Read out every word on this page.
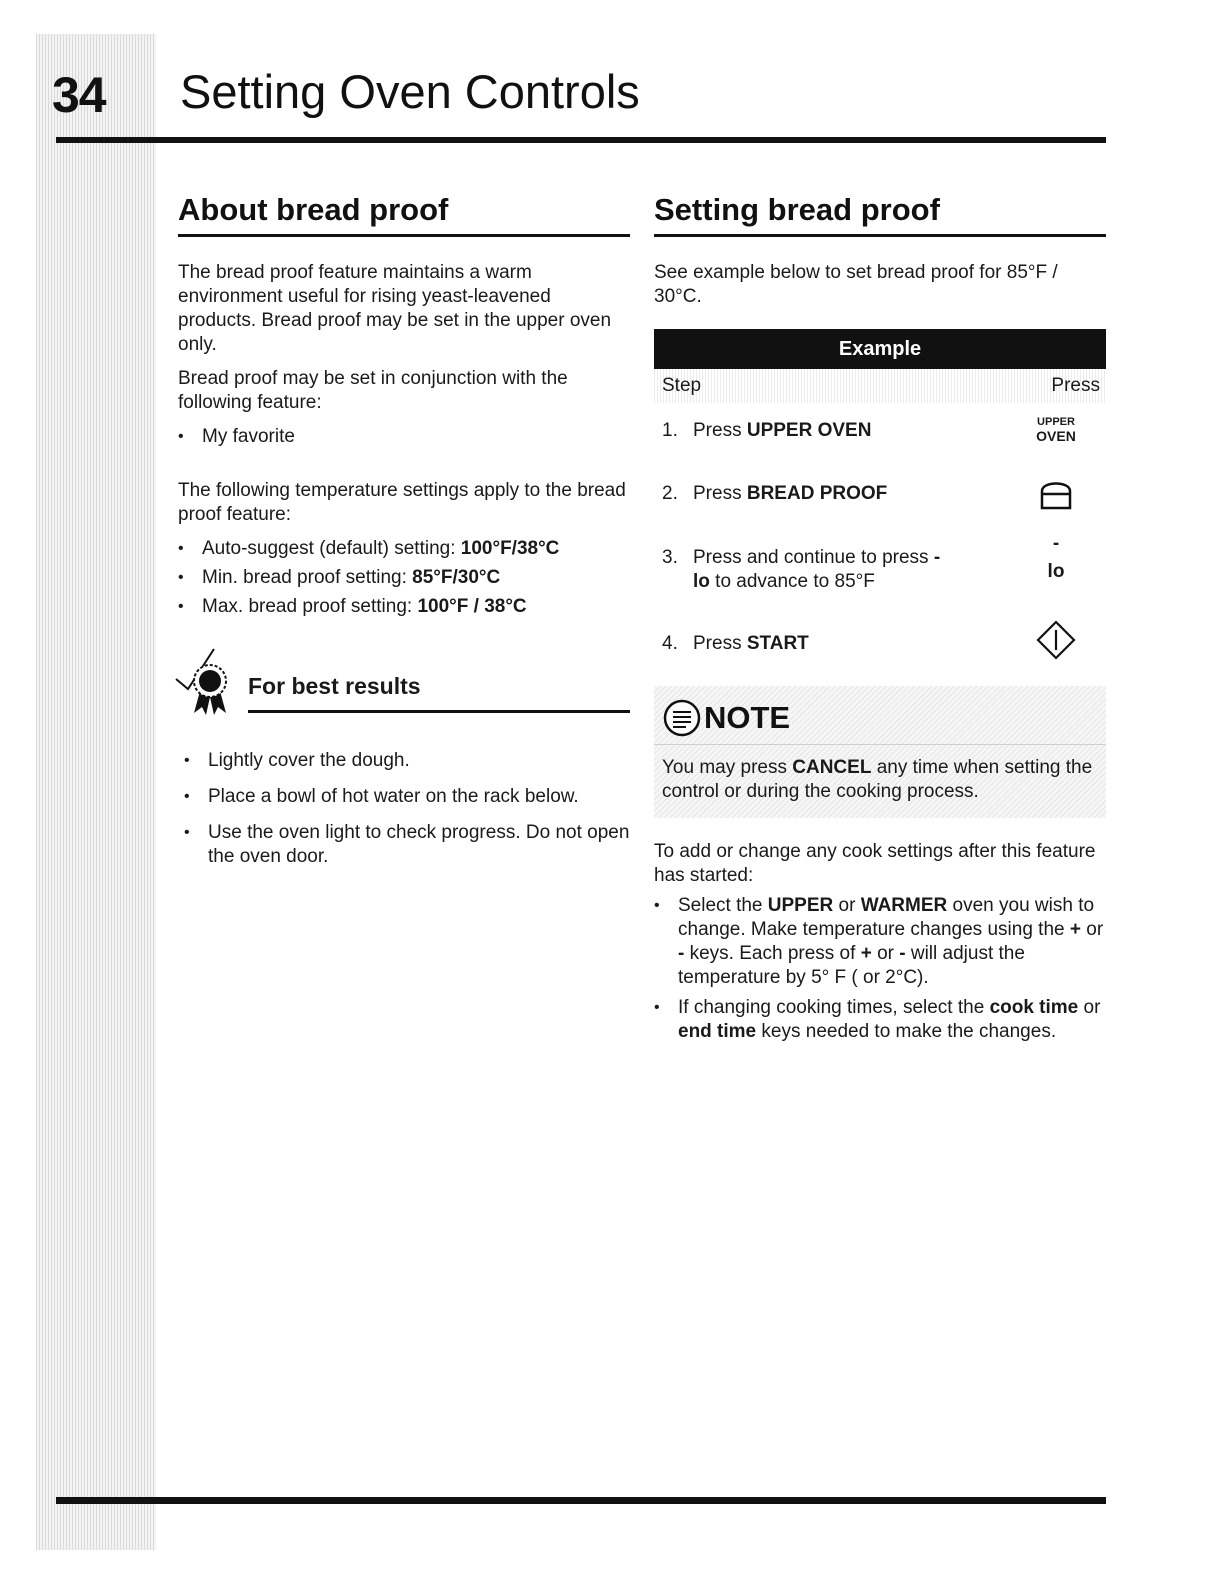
34 Setting Oven Controls
About bread proof

The bread proof feature maintains a warm environment useful for rising yeast-leavened products. Bread proof may be set in the upper oven only.

Bread proof may be set in conjunction with the following feature:

• My favorite

The following temperature settings apply to the bread proof feature:

• Auto-suggest (default) setting: 100°F/38°C
• Min. bread proof setting: 85°F/30°C
• Max. bread proof setting: 100°F / 38°C
For best results
• Lightly cover the dough.
• Place a bowl of hot water on the rack below.
• Use the oven light to check progress. Do not open the oven door.
Setting bread proof

See example below to set bread proof for 85°F / 30°C.

Example
Step	Press
1. Press UPPER OVEN	UPPER
OVEN
2. Press BREAD PROOF
3. Press and continue to press -lo to advance to 85°F
-
lo
4. Press START
NOTE
You may press CANCEL any time when setting the control or during the cooking process.

To add or change any cook settings after this feature has started:

• Select the UPPER or WARMER oven you wish to change. Make temperature changes using the + or - keys. Each press of + or - will adjust the temperature by 5° F ( or 2°C).
• If changing cooking times, select the cook time or end time keys needed to make the changes.
